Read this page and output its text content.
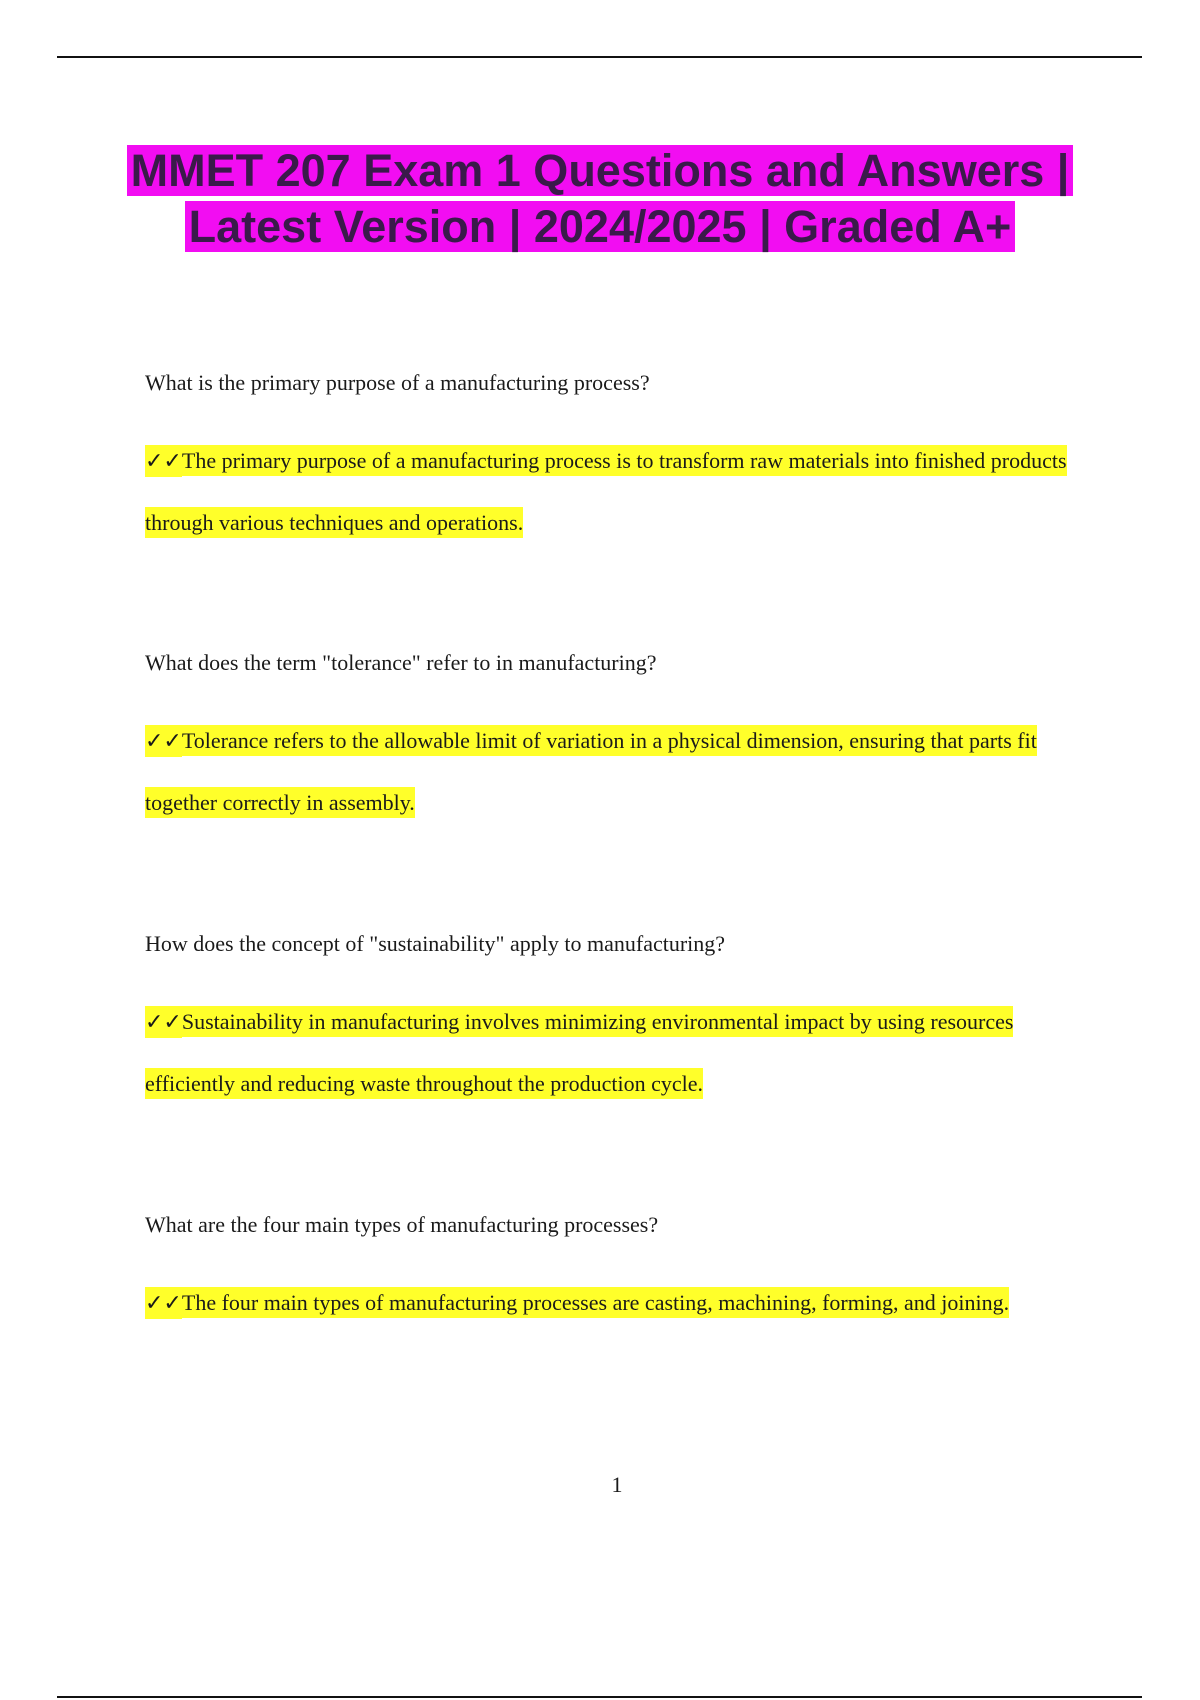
MMET 207 Exam 1 Questions and Answers | Latest Version | 2024/2025 | Graded A+

What is the primary purpose of a manufacturing process?

✓✓The primary purpose of a manufacturing process is to transform raw materials into finished products through various techniques and operations.

What does the term "tolerance" refer to in manufacturing?

✓✓Tolerance refers to the allowable limit of variation in a physical dimension, ensuring that parts fit together correctly in assembly.

How does the concept of "sustainability" apply to manufacturing?

✓✓Sustainability in manufacturing involves minimizing environmental impact by using resources efficiently and reducing waste throughout the production cycle.

What are the four main types of manufacturing processes?

✓✓The four main types of manufacturing processes are casting, machining, forming, and joining.

1
